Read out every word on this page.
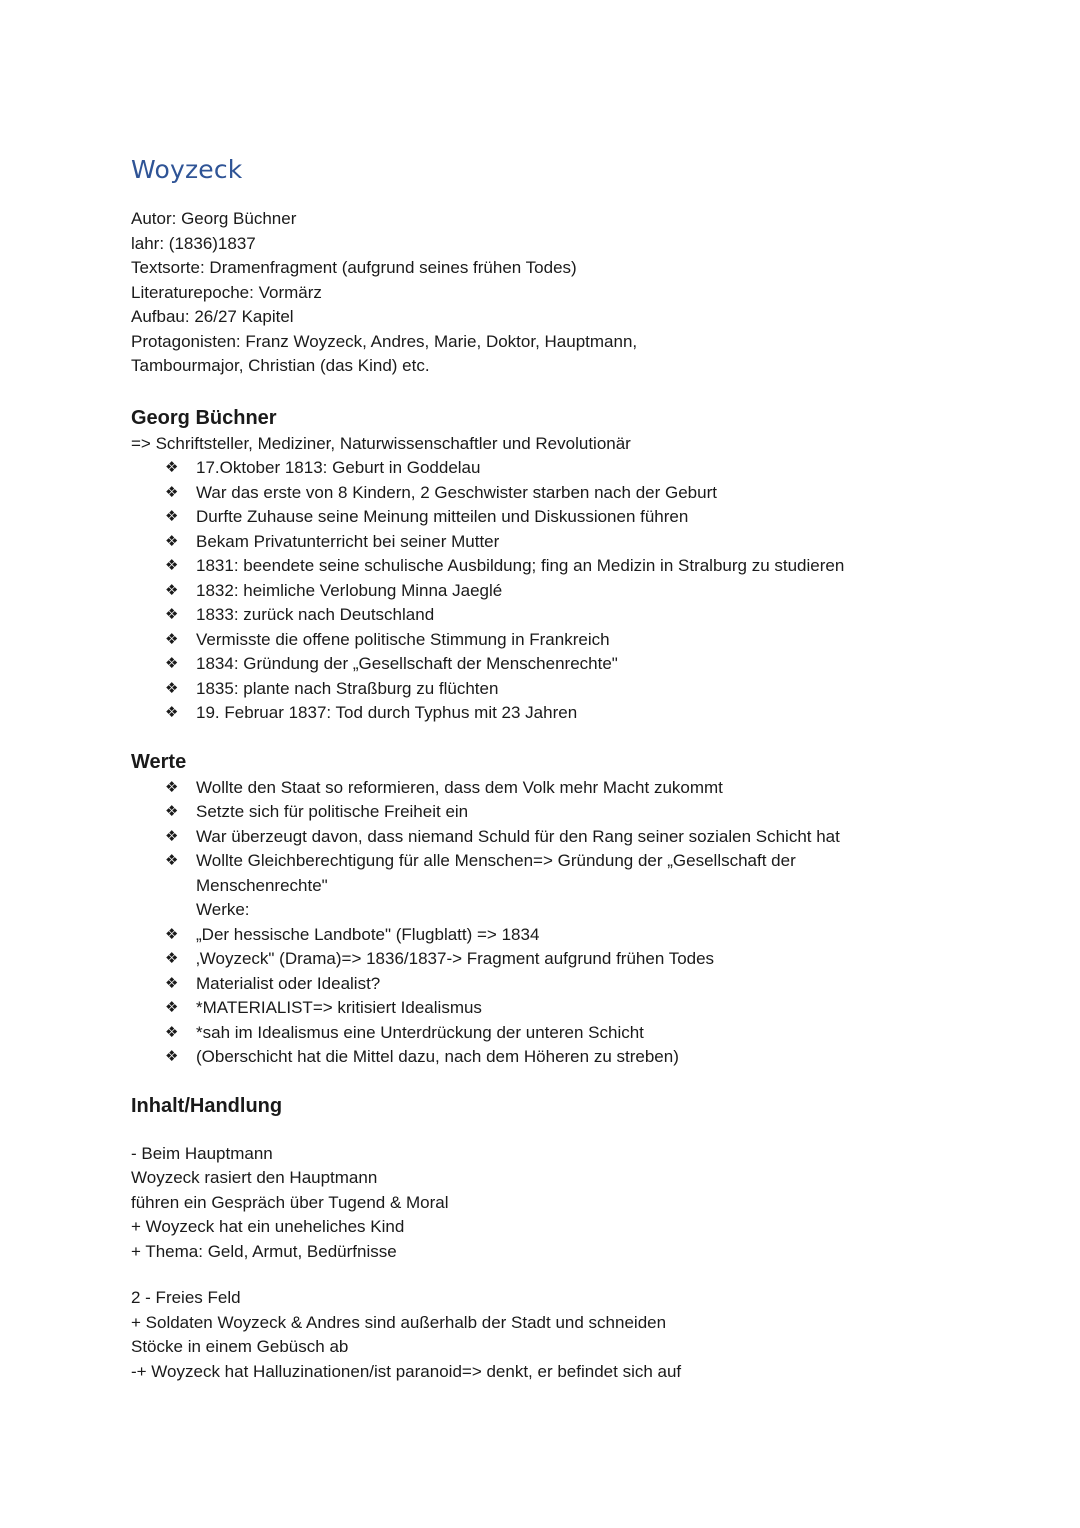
Woyzeck
Autor: Georg Büchner
lahr: (1836)1837
Textsorte: Dramenfragment (aufgrund seines frühen Todes)
Literaturepoche: Vormärz
Aufbau: 26/27 Kapitel
Protagonisten: Franz Woyzeck, Andres, Marie, Doktor, Hauptmann,
Tambourmajor, Christian (das Kind) etc.
Georg Büchner
=> Schriftsteller, Mediziner, Naturwissenschaftler und Revolutionär
❖ 17.Oktober 1813: Geburt in Goddelau
❖ War das erste von 8 Kindern, 2 Geschwister starben nach der Geburt
❖ Durfte Zuhause seine Meinung mitteilen und Diskussionen führen
❖ Bekam Privatunterricht bei seiner Mutter
❖ 1831: beendete seine schulische Ausbildung; fing an Medizin in Stralburg zu studieren
❖ 1832: heimliche Verlobung Minna Jaeglé
❖ 1833: zurück nach Deutschland
❖ Vermisste die offene politische Stimmung in Frankreich
❖ 1834: Gründung der „Gesellschaft der Menschenrechte"
❖ 1835: plante nach Straßburg zu flüchten
❖ 19. Februar 1837: Tod durch Typhus mit 23 Jahren
Werte
❖ Wollte den Staat so reformieren, dass dem Volk mehr Macht zukommt
❖ Setzte sich für politische Freiheit ein
❖ War überzeugt davon, dass niemand Schuld für den Rang seiner sozialen Schicht hat
❖ Wollte Gleichberechtigung für alle Menschen=> Gründung der „Gesellschaft der
Menschenrechte"
Werke:
❖ „Der hessische Landbote" (Flugblatt) => 1834
❖ ‚Woyzeck" (Drama)=> 1836/1837-> Fragment aufgrund frühen Todes
❖ Materialist oder Idealist?
❖ *MATERIALIST=> kritisiert Idealismus
❖ *sah im Idealismus eine Unterdrückung der unteren Schicht
❖ (Oberschicht hat die Mittel dazu, nach dem Höheren zu streben)
Inhalt/Handlung
- Beim Hauptmann
Woyzeck rasiert den Hauptmann
führen ein Gespräch über Tugend & Moral
+ Woyzeck hat ein uneheliches Kind
+ Thema: Geld, Armut, Bedürfnisse
2 - Freies Feld
+ Soldaten Woyzeck & Andres sind außerhalb der Stadt und schneiden
Stöcke in einem Gebüsch ab
-+ Woyzeck hat Halluzinationen/ist paranoid=> denkt, er befindet sich auf
